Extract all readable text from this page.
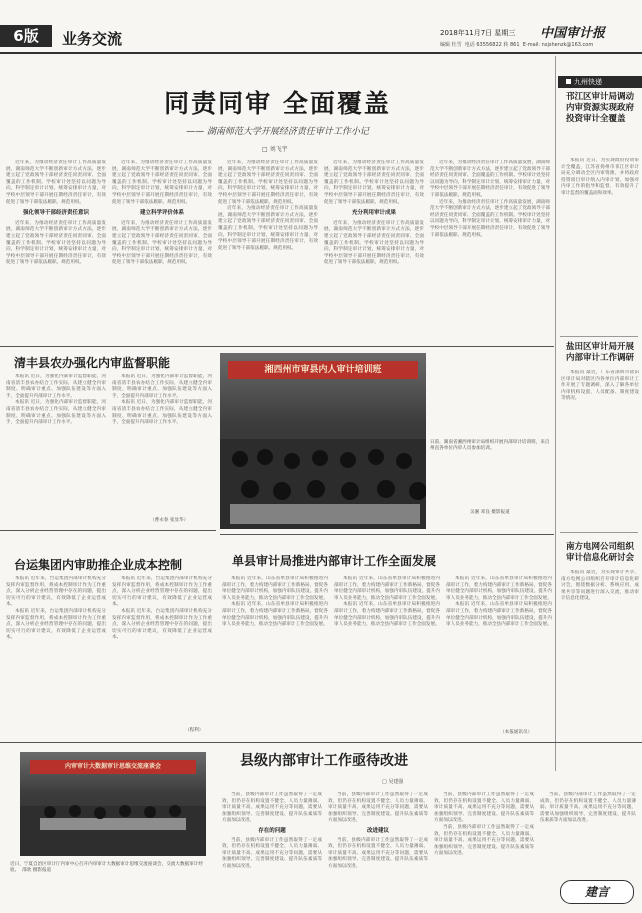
6版	业务交流	2018年11月7日 星期三 中国审计报
编辑 杜雪 电话 63556822 转 861 E-mail: nsjshenzk@163.com
九州快递
邗江区审计局调动内审资源实现政府投资审计全覆盖

本报讯 近日，为实现政府投资审计全覆盖，江苏省扬州市邗江区审计局充分调动全区内审资源，并将政府投资项目审计纳入内审计划，加强对内审工作的指导和监督，有效提升了审计监督的覆盖面和效率。

盐田区审计局开展内部审计工作调研

本报讯 最近，广东省深圳市盐田区审计局对辖区内各单位内部审计工作开展了专题调研，深入了解各单位内审机构设置、人员配备、制度建设等情况。

南方电网公司组织审计信息化研讨会

本报讯 最近，为实现审计共享，南方电网公司组织召开审计信息化研讨会，围绕数据分析、系统应用、成果共享等问题进行深入交流，推动审计信息化建设。

同责同审 全面覆盖
—— 湖南师范大学开展经济责任审计工作小记
□ 刘飞宇

近年来，为推动经济责任审计工作高质量发展，湖南师范大学不断创新审计方式方法，逐步建立起了党政领导干部经济责任同责同审、全面覆盖的工作机制。学校审计处坚持以问题为导向，科学制定审计计划，统筹安排审计力量，对学校中层领导干部开展任期经济责任审计，有效促进了领导干部依法履职、规范用权。

强化领导干部经济责任意识

近年来，为推动经济责任审计工作高质量发展，湖南师范大学不断创新审计方式方法，逐步建立起了党政领导干部经济责任同责同审、全面覆盖的工作机制。学校审计处坚持以问题为导向，科学制定审计计划，统筹安排审计力量，对学校中层领导干部开展任期经济责任审计，有效促进了领导干部依法履职、规范用权。

近年来，为推动经济责任审计工作高质量发展，湖南师范大学不断创新审计方式方法，逐步建立起了党政领导干部经济责任同责同审、全面覆盖的工作机制。学校审计处坚持以问题为导向，科学制定审计计划，统筹安排审计力量，对学校中层领导干部开展任期经济责任审计，有效促进了领导干部依法履职、规范用权。

建立科学评价体系

近年来，为推动经济责任审计工作高质量发展，湖南师范大学不断创新审计方式方法，逐步建立起了党政领导干部经济责任同责同审、全面覆盖的工作机制。学校审计处坚持以问题为导向，科学制定审计计划，统筹安排审计力量，对学校中层领导干部开展任期经济责任审计，有效促进了领导干部依法履职、规范用权。

近年来，为推动经济责任审计工作高质量发展，湖南师范大学不断创新审计方式方法，逐步建立起了党政领导干部经济责任同责同审、全面覆盖的工作机制。学校审计处坚持以问题为导向，科学制定审计计划，统筹安排审计力量，对学校中层领导干部开展任期经济责任审计，有效促进了领导干部依法履职、规范用权。

近年来，为推动经济责任审计工作高质量发展，湖南师范大学不断创新审计方式方法，逐步建立起了党政领导干部经济责任同责同审、全面覆盖的工作机制。学校审计处坚持以问题为导向，科学制定审计计划，统筹安排审计力量，对学校中层领导干部开展任期经济责任审计，有效促进了领导干部依法履职、规范用权。

近年来，为推动经济责任审计工作高质量发展，湖南师范大学不断创新审计方式方法，逐步建立起了党政领导干部经济责任同责同审、全面覆盖的工作机制。学校审计处坚持以问题为导向，科学制定审计计划，统筹安排审计力量，对学校中层领导干部开展任期经济责任审计，有效促进了领导干部依法履职、规范用权。

充分利用审计成果

近年来，为推动经济责任审计工作高质量发展，湖南师范大学不断创新审计方式方法，逐步建立起了党政领导干部经济责任同责同审、全面覆盖的工作机制。学校审计处坚持以问题为导向，科学制定审计计划，统筹安排审计力量，对学校中层领导干部开展任期经济责任审计，有效促进了领导干部依法履职、规范用权。

近年来，为推动经济责任审计工作高质量发展，湖南师范大学不断创新审计方式方法，逐步建立起了党政领导干部经济责任同责同审、全面覆盖的工作机制。学校审计处坚持以问题为导向，科学制定审计计划，统筹安排审计力量，对学校中层领导干部开展任期经济责任审计，有效促进了领导干部依法履职、规范用权。

近年来，为推动经济责任审计工作高质量发展，湖南师范大学不断创新审计方式方法，逐步建立起了党政领导干部经济责任同责同审、全面覆盖的工作机制。学校审计处坚持以问题为导向，科学制定审计计划，统筹安排审计力量，对学校中层领导干部开展任期经济责任审计，有效促进了领导干部依法履职、规范用权。

清丰县农办强化内审监督职能

本报讯 近日，为强化内部审计监督职能，河南省清丰县农办结合工作实际，从建立健全内审制度、明确审计重点、加强队伍建设等方面入手，全面提升内部审计工作水平。

本报讯 近日，为强化内部审计监督职能，河南省清丰县农办结合工作实际，从建立健全内审制度、明确审计重点、加强队伍建设等方面入手，全面提升内部审计工作水平。

本报讯 近日，为强化内部审计监督职能，河南省清丰县农办结合工作实际，从建立健全内审制度、明确审计重点、加强队伍建设等方面入手，全面提升内部审计工作水平。

本报讯 近日，为强化内部审计监督职能，河南省清丰县农办结合工作实际，从建立健全内审制度、明确审计重点、加强队伍建设等方面入手，全面提升内部审计工作水平。

（曹永春 张显华）
湘西州市审县内人审计培训班
日前，湖南省湘西州审计局组织开展内部审计培训班，来自州直各单位内审人员参加培训。
吴湘 邓良 摄影报道
台运集团内审助推企业成本控制

本报讯 近年来，台运集团内部审计机构充分发挥内审监督作用，将成本控制审计作为工作重点，深入分析企业经营管理中存在的问题，提出切实可行的审计建议，有效降低了企业运营成本。

本报讯 近年来，台运集团内部审计机构充分发挥内审监督作用，将成本控制审计作为工作重点，深入分析企业经营管理中存在的问题，提出切实可行的审计建议，有效降低了企业运营成本。

本报讯 近年来，台运集团内部审计机构充分发挥内审监督作用，将成本控制审计作为工作重点，深入分析企业经营管理中存在的问题，提出切实可行的审计建议，有效降低了企业运营成本。

本报讯 近年来，台运集团内部审计机构充分发挥内审监督作用，将成本控制审计作为工作重点，深入分析企业经营管理中存在的问题，提出切实可行的审计建议，有效降低了企业运营成本。

（程利）
单县审计局推进内部审计工作全面发展

本报讯 近年来，山东省单县审计局积极推进内部审计工作，着力构建内部审计工作新格局，督促各单位健全内部审计机构，加强内审队伍建设，提升内审人员业务能力，推动全县内部审计工作全面发展。

本报讯 近年来，山东省单县审计局积极推进内部审计工作，着力构建内部审计工作新格局，督促各单位健全内部审计机构，加强内审队伍建设，提升内审人员业务能力，推动全县内部审计工作全面发展。

本报讯 近年来，山东省单县审计局积极推进内部审计工作，着力构建内部审计工作新格局，督促各单位健全内部审计机构，加强内审队伍建设，提升内审人员业务能力，推动全县内部审计工作全面发展。

本报讯 近年来，山东省单县审计局积极推进内部审计工作，着力构建内部审计工作新格局，督促各单位健全内部审计机构，加强内审队伍建设，提升内审人员业务能力，推动全县内部审计工作全面发展。

本报讯 近年来，山东省单县审计局积极推进内部审计工作，着力构建内部审计工作新格局，督促各单位健全内部审计机构，加强内审队伍建设，提升内审人员业务能力，推动全县内部审计工作全面发展。

本报讯 近年来，山东省单县审计局积极推进内部审计工作，着力构建内部审计工作新格局，督促各单位健全内部审计机构，加强内审队伍建设，提升内审人员业务能力，推动全县内部审计工作全面发展。

（本报通讯员）
内审审计大数据审计思维交流座谈会
近日，宁夏自治区审计厅内审中心召开内审审计大数据审计思维交流座谈会，交流大数据审计经验。 邵欣 摄影报道
县级内部审计工作亟待改进
□ 吴建强

当前，县级内部审计工作虽然取得了一定成效，但仍存在机构设置不健全、人员力量薄弱、审计质量不高、成果运用不充分等问题，需要从加强组织领导、完善制度建设、提升队伍素质等方面加以改进。

存在的问题

当前，县级内部审计工作虽然取得了一定成效，但仍存在机构设置不健全、人员力量薄弱、审计质量不高、成果运用不充分等问题，需要从加强组织领导、完善制度建设、提升队伍素质等方面加以改进。

当前，县级内部审计工作虽然取得了一定成效，但仍存在机构设置不健全、人员力量薄弱、审计质量不高、成果运用不充分等问题，需要从加强组织领导、完善制度建设、提升队伍素质等方面加以改进。

改进建议

当前，县级内部审计工作虽然取得了一定成效，但仍存在机构设置不健全、人员力量薄弱、审计质量不高、成果运用不充分等问题，需要从加强组织领导、完善制度建设、提升队伍素质等方面加以改进。

当前，县级内部审计工作虽然取得了一定成效，但仍存在机构设置不健全、人员力量薄弱、审计质量不高、成果运用不充分等问题，需要从加强组织领导、完善制度建设、提升队伍素质等方面加以改进。

当前，县级内部审计工作虽然取得了一定成效，但仍存在机构设置不健全、人员力量薄弱、审计质量不高、成果运用不充分等问题，需要从加强组织领导、完善制度建设、提升队伍素质等方面加以改进。

当前，县级内部审计工作虽然取得了一定成效，但仍存在机构设置不健全、人员力量薄弱、审计质量不高、成果运用不充分等问题，需要从加强组织领导、完善制度建设、提升队伍素质等方面加以改进。

建言
